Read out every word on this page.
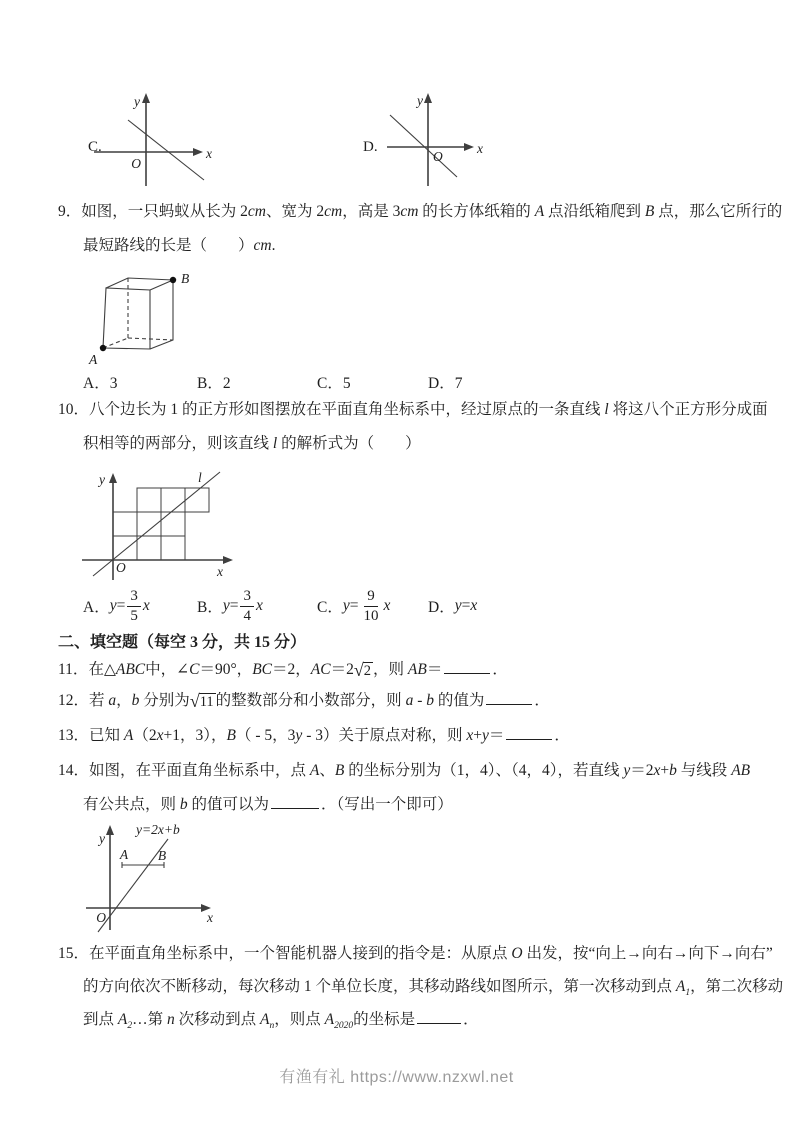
C.
y
x
O
D.
y
x
O
9．如图，一只蚂蚁从长为 2cm、宽为 2cm，高是 3cm 的长方体纸箱的 A 点沿纸箱爬到 B 点，那么它所行的
最短路线的长是（　　）cm.
A
B
A．3	B．2	C．5	D．7
10．八个边长为 1 的正方形如图摆放在平面直角坐标系中，经过原点的一条直线 l 将这八个正方形分成面
积相等的两部分，则该直线 l 的解析式为（　　）
y
x
O
l
A． $y = \frac{3}{5}$ x	B． $y = \frac{3}{4}$ x	C． $y = \frac{9}{10}$ x D． y = x
二、填空题（每空 3 分，共 15 分）
11．在△ABC中，∠C＝90°，BC＝2，AC＝2 √ 2 ，则 AB＝	．
12．若 a，b 分别为 √ 11 的整数部分和小数部分，则 a - b 的值为	．
13．已知 A（2x+1，3），B（ - 5，3y - 3）关于原点对称，则 x+y＝	．
14．如图，在平面直角坐标系中，点 A、B 的坐标分别为（1，4）、（4，4），若直线 y＝2x+b 与线段 AB
有公共点，则 b 的值可以为	．（写出一个即可）
y=2x+b
y
x
O
A B
15．在平面直角坐标系中，一个智能机器人接到的指令是：从原点 O 出发，按“向上→向右→向下→向右”
的方向依次不断移动，每次移动 1 个单位长度，其移动路线如图所示，第一次移动到点 $A_1$，第二次移动
到点 $A_2\dots$第 n 次移动到点 $A_n$，则点 $A_{2020}$的坐标是	．
有渔有礼 https://www.nzxwl.net
